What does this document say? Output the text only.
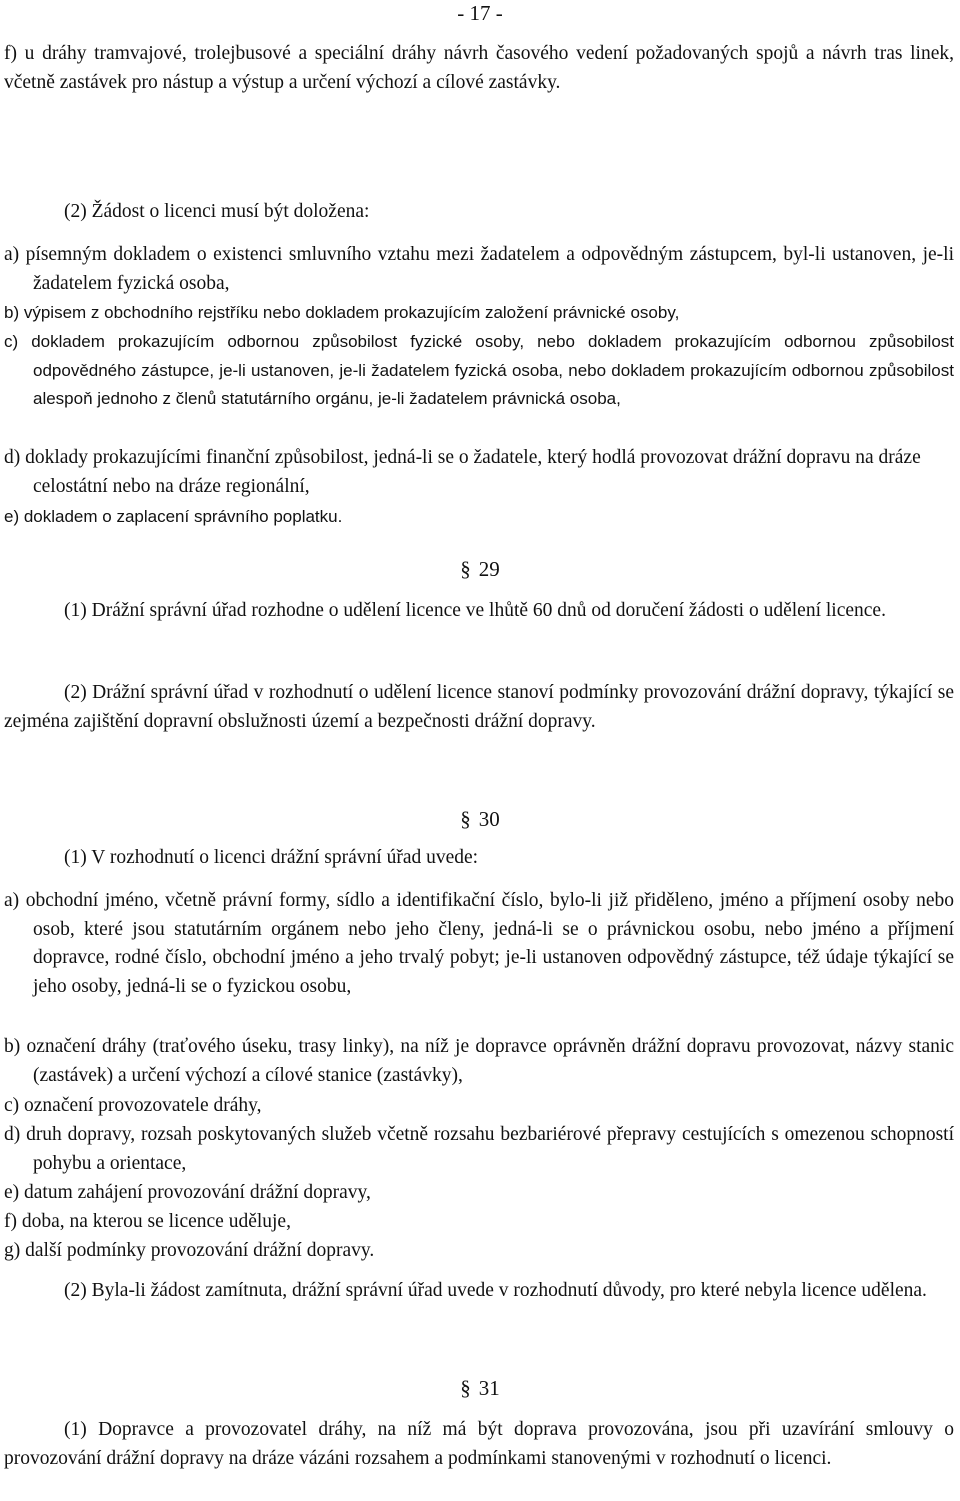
- 17 -

f) u dráhy tramvajové, trolejbusové a speciální dráhy návrh časového vedení požadovaných spojů a návrh tras linek, včetně zastávek pro nástup a výstup a určení výchozí a cílové zastávky.

(2) Žádost o licenci musí být doložena:

a) písemným dokladem o existenci smluvního vztahu mezi žadatelem a odpovědným zástupcem, byl-li ustanoven, je-li žadatelem fyzická osoba,

b) výpisem z obchodního rejstříku nebo dokladem prokazujícím založení právnické osoby,

c) dokladem prokazujícím odbornou způsobilost fyzické osoby, nebo dokladem prokazujícím odbornou způsobilost odpovědného zástupce, je-li ustanoven, je-li žadatelem fyzická osoba, nebo dokladem prokazujícím odbornou způsobilost alespoň jednoho z členů statutárního orgánu, je-li žadatelem právnická osoba,

d) doklady prokazujícími finanční způsobilost, jedná-li se o žadatele, který hodlá provozovat drážní dopravu na dráze celostátní nebo na dráze regionální,

e) dokladem o zaplacení správního poplatku.

§ 29

(1) Drážní správní úřad rozhodne o udělení licence ve lhůtě 60 dnů od doručení žádosti o udělení licence.

(2) Drážní správní úřad v rozhodnutí o udělení licence stanoví podmínky provozování drážní dopravy, týkající se zejména zajištění dopravní obslužnosti území a bezpečnosti drážní dopravy.

§ 30

(1) V rozhodnutí o licenci drážní správní úřad uvede:

a) obchodní jméno, včetně právní formy, sídlo a identifikační číslo, bylo-li již přiděleno, jméno a příjmení osoby nebo osob, které jsou statutárním orgánem nebo jeho členy, jedná-li se o právnickou osobu, nebo jméno a příjmení dopravce, rodné číslo, obchodní jméno a jeho trvalý pobyt; je-li ustanoven odpovědný zástupce, též údaje týkající se jeho osoby, jedná-li se o fyzickou osobu,

b) označení dráhy (traťového úseku, trasy linky), na níž je dopravce oprávněn drážní dopravu provozovat, názvy stanic (zastávek) a určení výchozí a cílové stanice (zastávky),

c) označení provozovatele dráhy,

d) druh dopravy, rozsah poskytovaných služeb včetně rozsahu bezbariérové přepravy cestujících s omezenou schopností pohybu a orientace,

e) datum zahájení provozování drážní dopravy,

f) doba, na kterou se licence uděluje,

g) další podmínky provozování drážní dopravy.

(2) Byla-li žádost zamítnuta, drážní správní úřad uvede v rozhodnutí důvody, pro které nebyla licence udělena.

§ 31

(1) Dopravce a provozovatel dráhy, na níž má být doprava provozována, jsou při uzavírání smlouvy o provozování drážní dopravy na dráze vázáni rozsahem a podmínkami stanovenými v rozhodnutí o licenci.
